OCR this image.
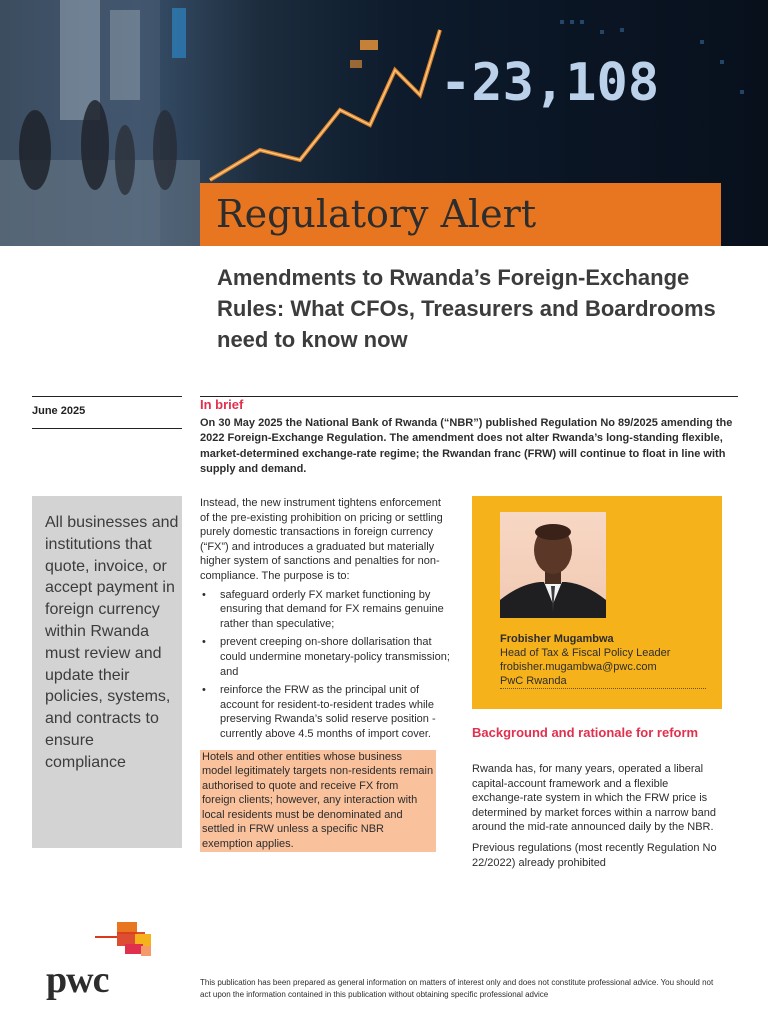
-23,108
Regulatory Alert
Amendments to Rwanda’s Foreign-Exchange Rules: What CFOs, Treasurers and Boardrooms need to know now
June 2025	In brief

On 30 May 2025 the National Bank of Rwanda (“NBR”) published Regulation No 89/2025 amending the 2022 Foreign-Exchange Regulation. The amendment does not alter Rwanda’s long-standing flexible, market-determined exchange-rate regime; the Rwandan franc (FRW) will continue to float in line with supply and demand.

All businesses and institutions that quote, invoice, or accept payment in foreign currency within Rwanda must review and update their policies, systems, and contracts to ensure compliance

Instead, the new instrument tightens enforcement of the pre-existing prohibition on pricing or settling purely domestic transactions in foreign currency (“FX”) and introduces a graduated but materially higher system of sanctions and penalties for non-compliance. The purpose is to:

• safeguard orderly FX market functioning by ensuring that demand for FX remains genuine rather than speculative;
• prevent creeping on-shore dollarisation that could undermine monetary-policy transmission; and
• reinforce the FRW as the principal unit of account for resident-to-resident trades while preserving Rwanda’s solid reserve position - currently above 4.5 months of import cover.

Hotels and other entities whose business model legitimately targets non-residents remain authorised to quote and receive FX from foreign clients; however, any interaction with local residents must be denominated and settled in FRW unless a specific NBR exemption applies.

Frobisher Mugambwa
Head of Tax & Fiscal Policy Leader
frobisher.mugambwa@pwc.com
PwC Rwanda
Background and rationale for reform

Rwanda has, for many years, operated a liberal capital-account framework and a flexible exchange-rate system in which the FRW price is determined by market forces within a narrow band around the mid-rate announced daily by the NBR.

Previous regulations (most recently Regulation No 22/2022) already prohibited

pwc	This publication has been prepared as general information on matters of interest only and does not constitute professional advice. You should not act upon the information contained in this publication without obtaining specific professional advice
